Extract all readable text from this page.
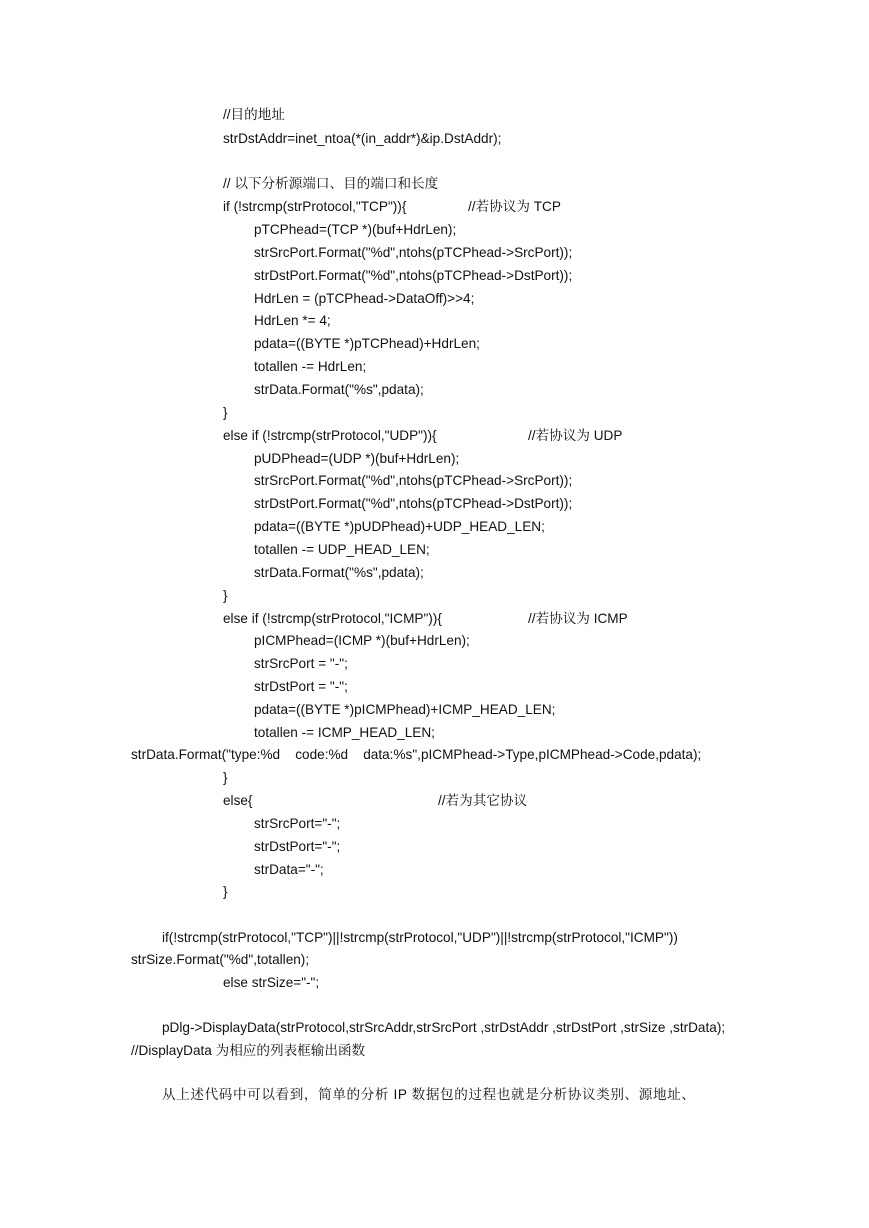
//目的地址
strDstAddr=inet_ntoa(*(in_addr*)&ip.DstAddr);
// 以下分析源端口、目的端口和长度
if (!strcmp(strProtocol,"TCP")){	//若协议为 TCP
pTCPhead=(TCP *)(buf+HdrLen);
strSrcPort.Format("%d",ntohs(pTCPhead->SrcPort));
strDstPort.Format("%d",ntohs(pTCPhead->DstPort));
HdrLen = (pTCPhead->DataOff)>>4;
HdrLen *= 4;
pdata=((BYTE *)pTCPhead)+HdrLen;
totallen -= HdrLen;
strData.Format("%s",pdata);
}
else if (!strcmp(strProtocol,"UDP")){	//若协议为 UDP
pUDPhead=(UDP *)(buf+HdrLen);
strSrcPort.Format("%d",ntohs(pTCPhead->SrcPort));
strDstPort.Format("%d",ntohs(pTCPhead->DstPort));
pdata=((BYTE *)pUDPhead)+UDP_HEAD_LEN;
totallen -= UDP_HEAD_LEN;
strData.Format("%s",pdata);
}
else if (!strcmp(strProtocol,"ICMP")){	//若协议为 ICMP
pICMPhead=(ICMP *)(buf+HdrLen);
strSrcPort = "-";
strDstPort = "-";
pdata=((BYTE *)pICMPhead)+ICMP_HEAD_LEN;
totallen -= ICMP_HEAD_LEN;
strData.Format("type:%d    code:%d    data:%s",pICMPhead->Type,pICMPhead->Code,pdata);
}
else{	//若为其它协议
strSrcPort="-";
strDstPort="-";
strData="-";
}
if(!strcmp(strProtocol,"TCP")||!strcmp(strProtocol,"UDP")||!strcmp(strProtocol,"ICMP"))
strSize.Format("%d",totallen);
else strSize="-";
pDlg->DisplayData(strProtocol,strSrcAddr,strSrcPort ,strDstAddr ,strDstPort ,strSize ,strData);
//DisplayData 为相应的列表框输出函数
从上述代码中可以看到，简单的分析 IP 数据包的过程也就是分析协议类别、源地址、
